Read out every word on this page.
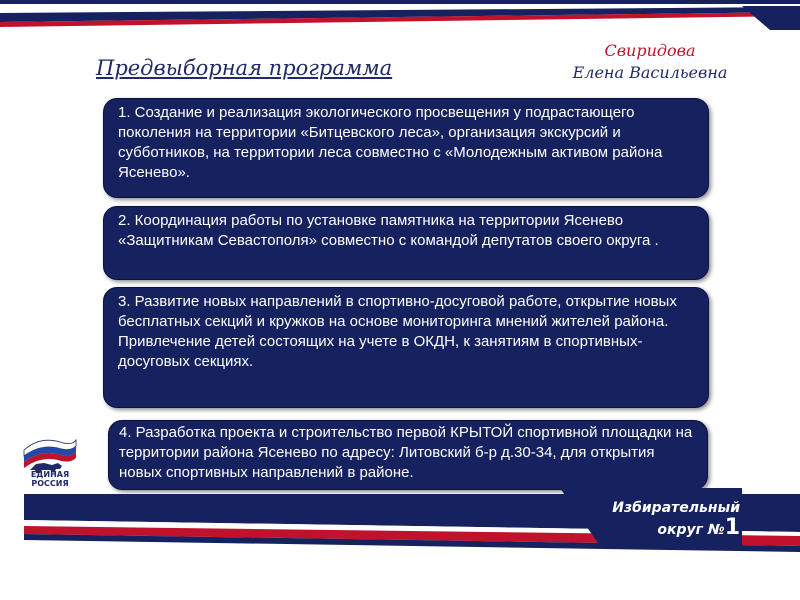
Предвыборная программа
Свиридова
Елена Васильевна
1. Создание и реализация экологического просвещения у подрастающего поколения на территории «Битцевского леса», организация экскурсий и субботников, на территории леса совместно с «Молодежным активом района Ясенево».
2. Координация работы по установке памятника на территории Ясенево «Защитникам Севастополя» совместно с командой депутатов своего округа .
3. Развитие новых направлений в спортивно-досуговой работе, открытие новых бесплатных секций и кружков на основе мониторинга мнений жителей района. Привлечение детей состоящих на учете в ОКДН, к занятиям в спортивных-досуговых секциях.
4. Разработка проекта и строительство первой КРЫТОЙ спортивной площадки на территории района Ясенево по адресу: Литовский б-р д.30-34, для открытия новых спортивных направлений в районе.
ЕДИНАЯ
РОССИЯ
Избирательный
округ №1
